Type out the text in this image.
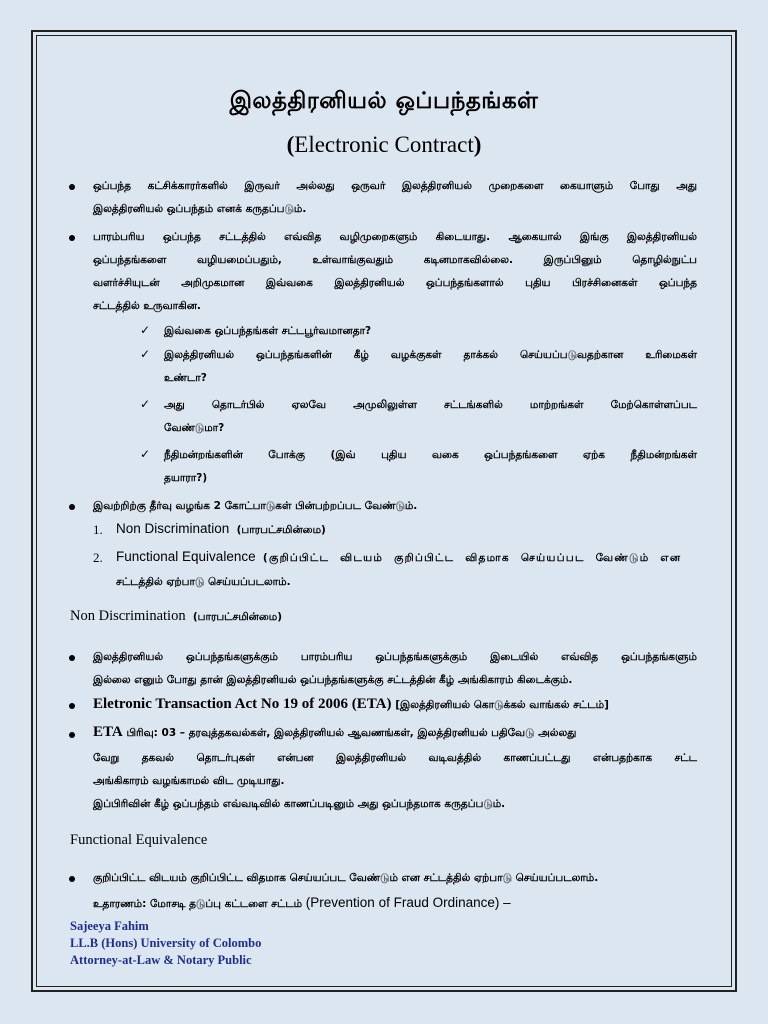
இலத்திரனியல் ஒப்பந்தங்கள்
(Electronic Contract)
ஒப்பந்த கட்சிக்காரர்களில் இருவர் அல்லது ஒருவர் இலத்திரனியல் முறைகளை கையாளும் போது அது
இலத்திரனியல் ஒப்பந்தம் எனக் கருதப்படும்.
பாரம்பரிய ஒப்பந்த சட்டத்தில் எவ்வித வழிமுறைகளும் கிடையாது. ஆகையால் இங்கு இலத்திரனியல்
ஒப்பந்தங்களை வழியமைப்பதும், உள்வாங்குவதும் கடினமாகவில்லை. இருப்பினும் தொழில்நுட்ப
வளர்ச்சியுடன் அறிமுகமான இவ்வகை இலத்திரனியல் ஒப்பந்தங்களால் புதிய பிரச்சினைகள் ஒப்பந்த
சட்டத்தில் உருவாகின.
✓ இவ்வகை ஒப்பந்தங்கள் சட்டபூர்வமானதா?
✓ இலத்திரனியல் ஒப்பந்தங்களின் கீழ் வழக்குகள் தாக்கல் செய்யப்படுவதற்கான உரிமைகள்
உண்டா?
✓ அது தொடர்பில் ஏலவே அமுலிலுள்ள சட்டங்களில் மாற்றங்கள் மேற்கொள்ளப்பட
வேண்டுமா?
✓ நீதிமன்றங்களின் போக்கு (இவ் புதிய வகை ஒப்பந்தங்களை ஏற்க நீதிமன்றங்கள்
தயாரா?)
இவற்றிற்கு தீர்வு வழங்க 2 கோட்பாடுகள் பின்பற்றப்பட வேண்டும்.
1. Non Discrimination (பாரபட்சமின்மை)
2. Functional Equivalence (குறிப்பிட்ட விடயம் குறிப்பிட்ட விதமாக செய்யப்பட வேண்டும் என
சட்டத்தில் ஏற்பாடு செய்யப்படலாம்.
Non Discrimination (பாரபட்சமின்மை)
இலத்திரனியல் ஒப்பந்தங்களுக்கும் பாரம்பரிய ஒப்பந்தங்களுக்கும் இடையில் எவ்வித ஒப்பந்தங்களும்
இல்லை எனும் போது தான் இலத்திரனியல் ஒப்பந்தங்களுக்கு சட்டத்தின் கீழ் அங்கிகாரம் கிடைக்கும்.
Eletronic Transaction Act No 19 of 2006 (ETA) [இலத்திரனியல் கொடுக்கல் வாங்கல் சட்டம்]
ETA பிரிவு: 03 – தரவுத்தகவல்கள், இலத்திரனியல் ஆவணங்கள், இலத்திரனியல் பதிவேடு அல்லது
வேறு தகவல் தொடர்புகள் என்பன இலத்திரனியல் வடிவத்தில் காணப்பட்டது என்பதற்காக சட்ட
அங்கிகாரம் வழங்காமல் விட முடியாது.
இப்பிரிவின் கீழ் ஒப்பந்தம் எவ்வடிவில் காணப்படினும் அது ஒப்பந்தமாக கருதப்படும்.
Functional Equivalence
குறிப்பிட்ட விடயம் குறிப்பிட்ட விதமாக செய்யப்பட வேண்டும் என சட்டத்தில் ஏற்பாடு செய்யப்படலாம்.
உதாரணம்: மோசடி தடுப்பு கட்டளை சட்டம் (Prevention of Fraud Ordinance) –
Sajeeya Fahim
LL.B (Hons) University of Colombo
Attorney-at-Law & Notary Public
